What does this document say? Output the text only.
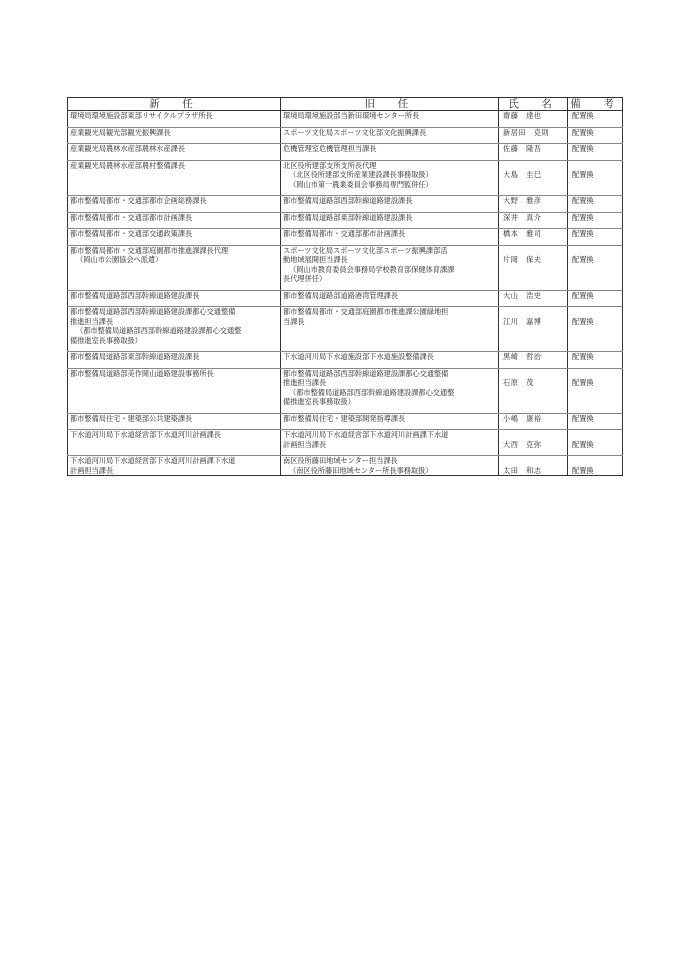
新　任	旧　任	氏　名	備　考
環境局環境施設部東部リサイクルプラザ所長	環境局環境施設部当新田環境センター所長	齋藤　達也	配置換

産業観光局観光部観光振興課長	スポーツ文化局スポーツ文化部文化振興課長	新居田　克則	配置換

産業観光局農林水産部農林水産課長	危機管理室危機管理担当課長	佐藤　隆吾	配置換

産業観光局農林水産部農村整備課長	北区役所建部支所支所長代理		
	（北区役所建部支所産業建設課長事務取扱）	大島　圭巳	配置換
	（岡山市第一農業委員会事務局専門監併任）		

都市整備局都市・交通部都市企画総務課長	都市整備局道路部西部幹線道路建設課長	大野　雅彦	配置換

都市整備局都市・交通部都市計画課長	都市整備局道路部東部幹線道路建設課長	深井　真介	配置換

都市整備局都市・交通部交通政策課長	都市整備局都市・交通部都市計画課長	橋本　雅司	配置換

都市整備局都市・交通部庭園都市推進課課長代理	スポーツ文化局スポーツ文化部スポーツ振興課部活		
（岡山市公園協会へ派遣）	動地域展開担当課長	片岡　保夫	配置換
	（岡山市教育委員会事務局学校教育部保健体育課課		
	長代理併任）		

都市整備局道路部西部幹線道路建設課長	都市整備局道路部道路港湾管理課長	大山　浩史	配置換

都市整備局道路部西部幹線道路建設課都心交通整備	都市整備局都市・交通部庭園都市推進課公園緑地担		
推進担当課長	当課長	江川　嘉博	配置換
（都市整備局道路部西部幹線道路建設課都心交通整			
備推進室長事務取扱）			

都市整備局道路部東部幹線道路建設課長	下水道河川局下水道施設部下水道施設整備課長	黒崎　哲治	配置換

都市整備局道路部美作岡山道路建設事務所長	都市整備局道路部西部幹線道路建設課都心交通整備		
	推進担当課長	石原　茂	配置換
	（都市整備局道路部西部幹線道路建設課都心交通整		
	備推進室長事務取扱）		

都市整備局住宅・建築部公共建築課長	都市整備局住宅・建築部開発指導課長	小嶋　康裕	配置換

下水道河川局下水道経営部下水道河川計画課長	下水道河川局下水道経営部下水道河川計画課下水道		
	計画担当課長	大西　克弥	配置換

下水道河川局下水道経営部下水道河川計画課下水道	南区役所藤田地域センター担当課長		
計画担当課長	（南区役所藤田地域センター所長事務取扱）	太田　和志	配置換
